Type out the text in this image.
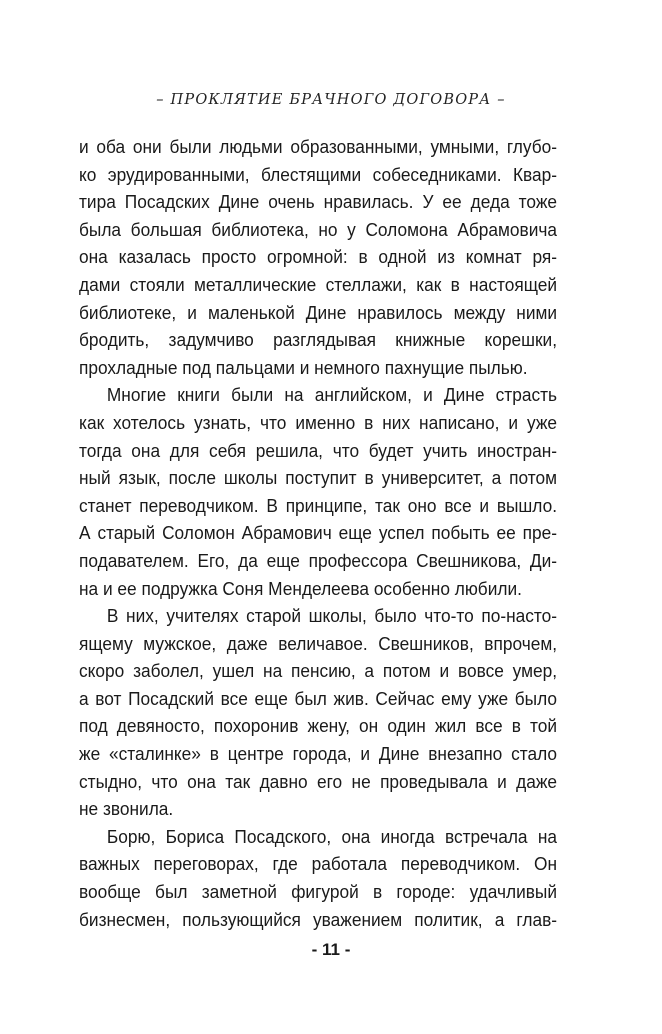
– ПРОКЛЯТИЕ БРАЧНОГО ДОГОВОРА –
и оба они были людьми образованными, умными, глубо-
ко эрудированными, блестящими собеседниками. Квар-
тира Посадских Дине очень нравилась. У ее деда тоже
была большая библиотека, но у Соломона Абрамовича
она казалась просто огромной: в одной из комнат ря-
дами стояли металлические стеллажи, как в настоящей
библиотеке, и маленькой Дине нравилось между ними
бродить, задумчиво разглядывая книжные корешки,
прохладные под пальцами и немного пахнущие пылью.
Многие книги были на английском, и Дине страсть
как хотелось узнать, что именно в них написано, и уже
тогда она для себя решила, что будет учить иностран-
ный язык, после школы поступит в университет, а потом
станет переводчиком. В принципе, так оно все и вышло.
А старый Соломон Абрамович еще успел побыть ее пре-
подавателем. Его, да еще профессора Свешникова, Ди-
на и ее подружка Соня Менделеева особенно любили.
В них, учителях старой школы, было что-то по-насто-
ящему мужское, даже величавое. Свешников, впрочем,
скоро заболел, ушел на пенсию, а потом и вовсе умер,
а вот Посадский все еще был жив. Сейчас ему уже было
под девяносто, похоронив жену, он один жил все в той
же «сталинке» в центре города, и Дине внезапно стало
стыдно, что она так давно его не проведывала и даже
не звонила.
Борю, Бориса Посадского, она иногда встречала на
важных переговорах, где работала переводчиком. Он
вообще был заметной фигурой в городе: удачливый
бизнесмен, пользующийся уважением политик, а глав-
- 11 -
